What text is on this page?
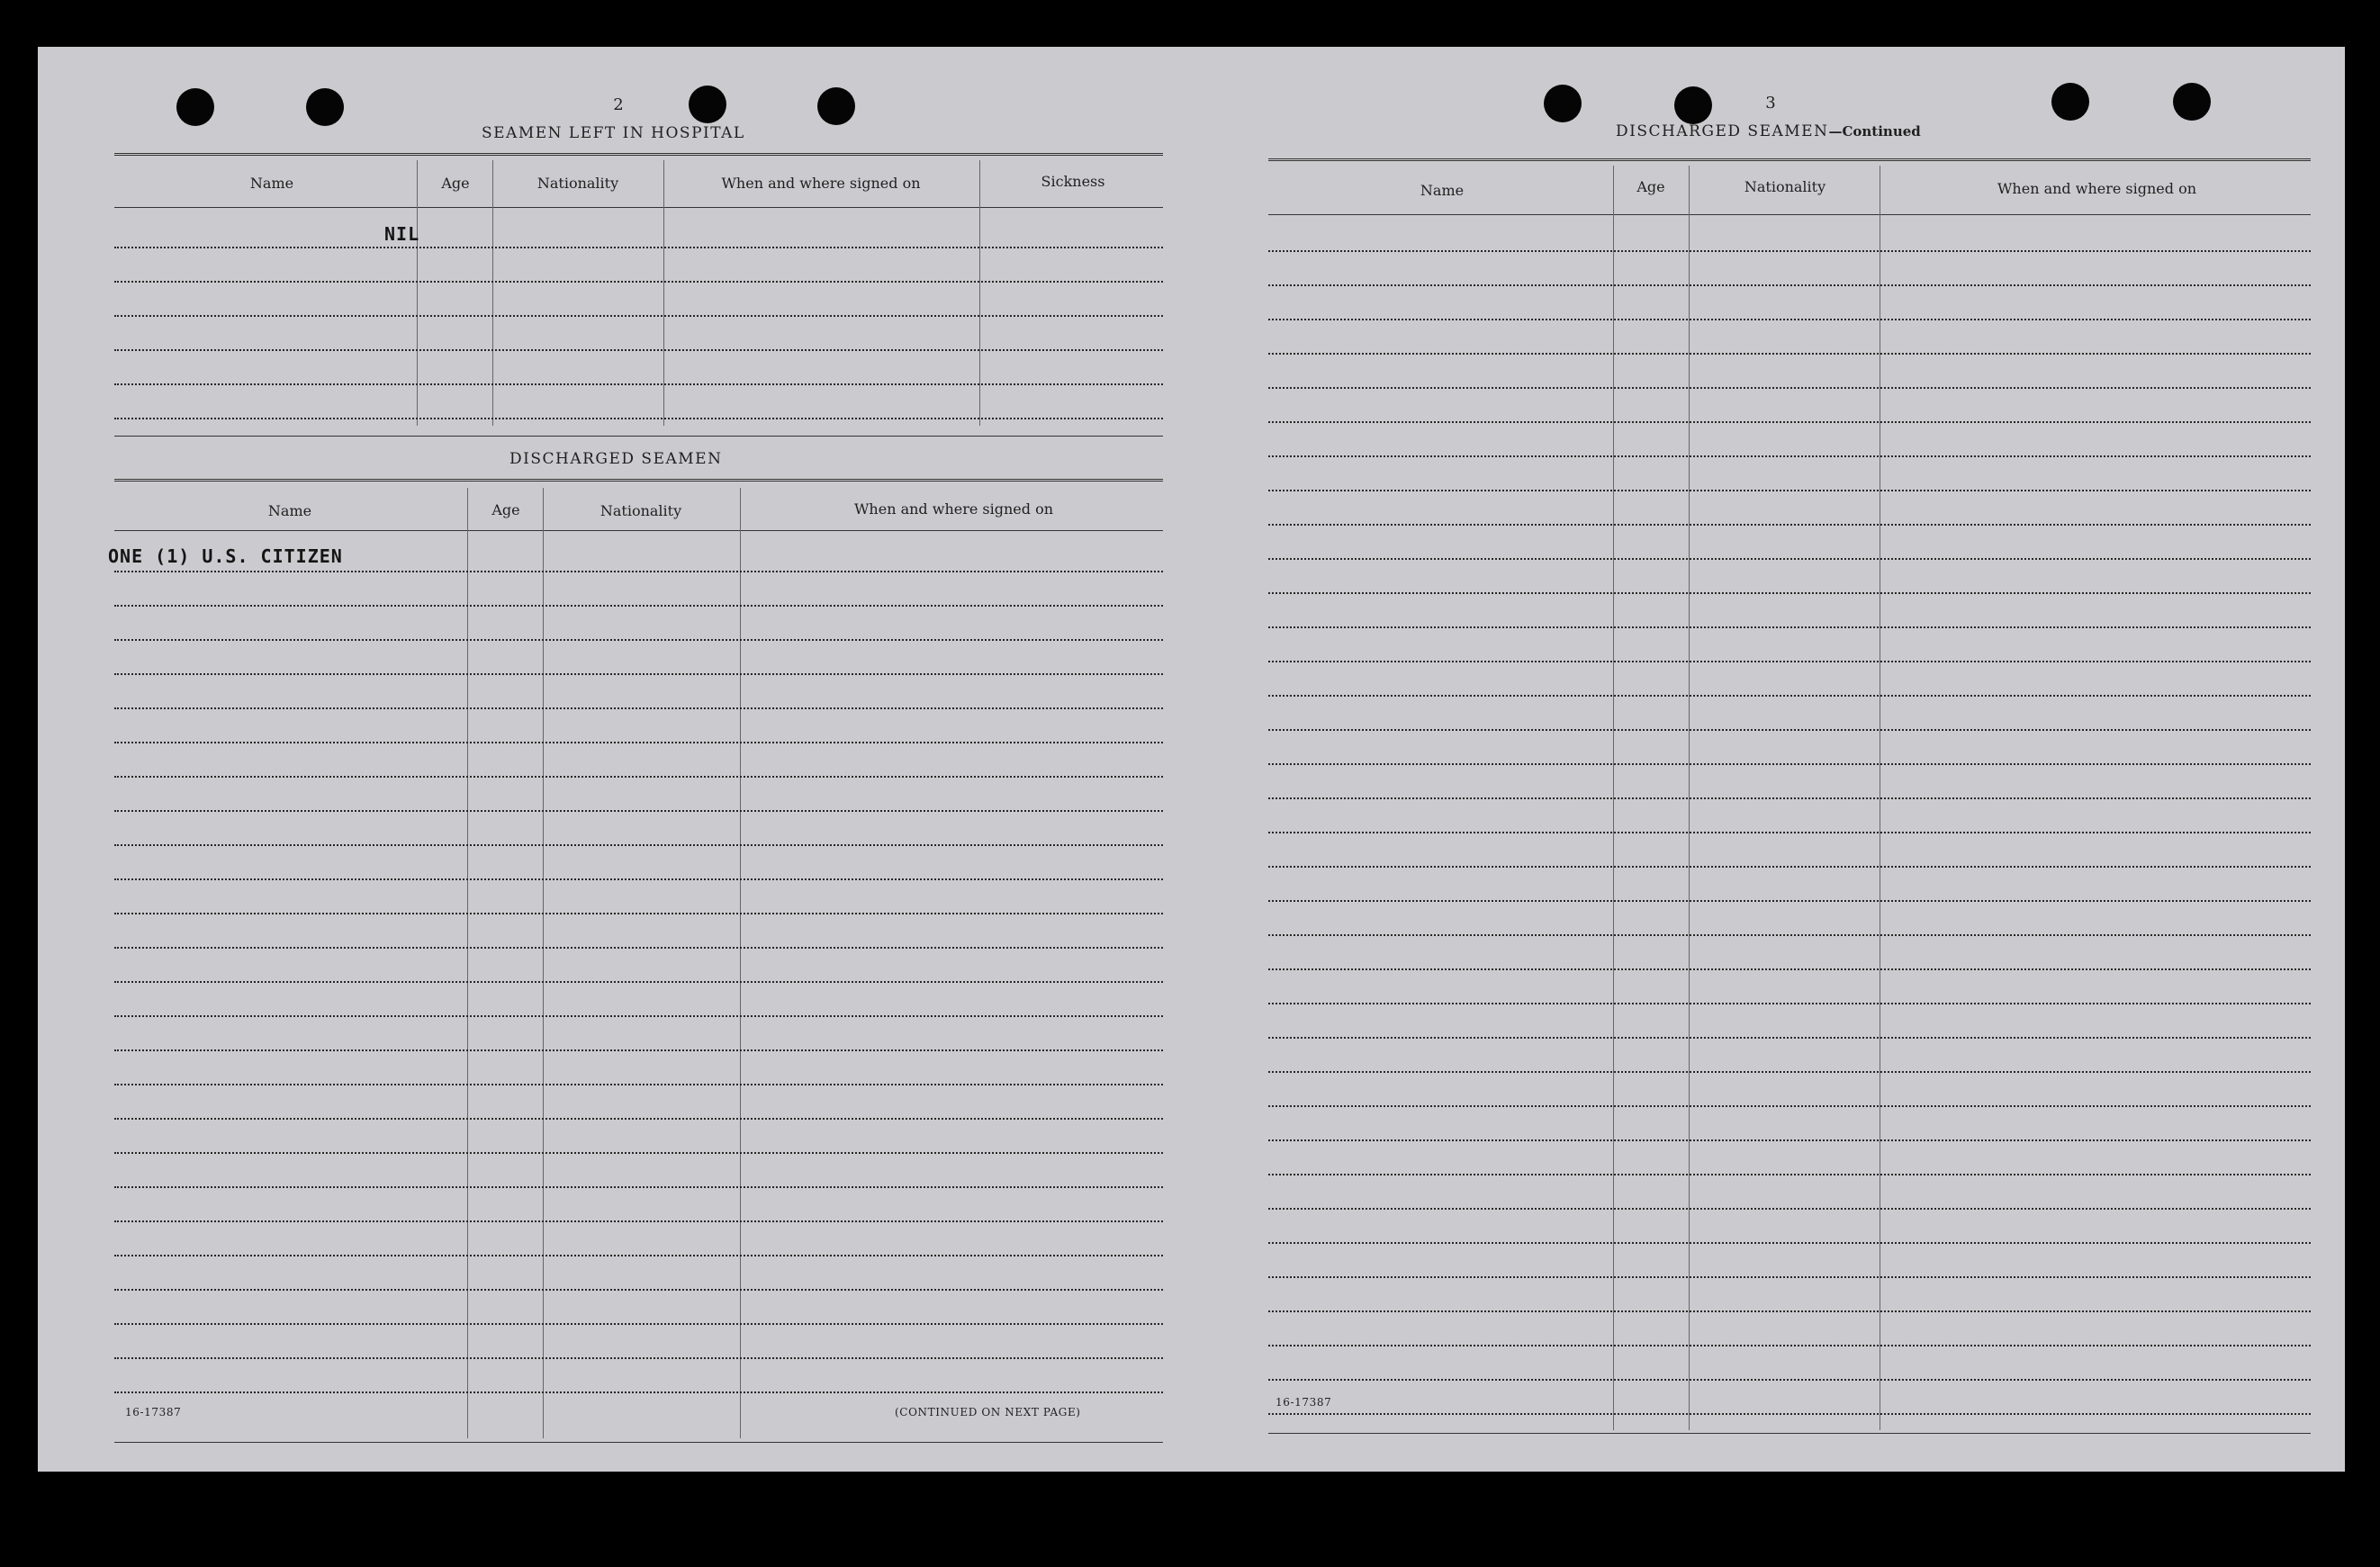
2
SEAMEN LEFT IN HOSPITAL
Name	Age	Nationality	When and where signed on	Sickness
NIL
DISCHARGED SEAMEN
Name	Age	Nationality	When and where signed on
ONE (1) U.S. CITIZEN
16-17387	(CONTINUED ON NEXT PAGE)
3
DISCHARGED SEAMEN—Continued
Name	Age	Nationality	When and where signed on
16-17387
